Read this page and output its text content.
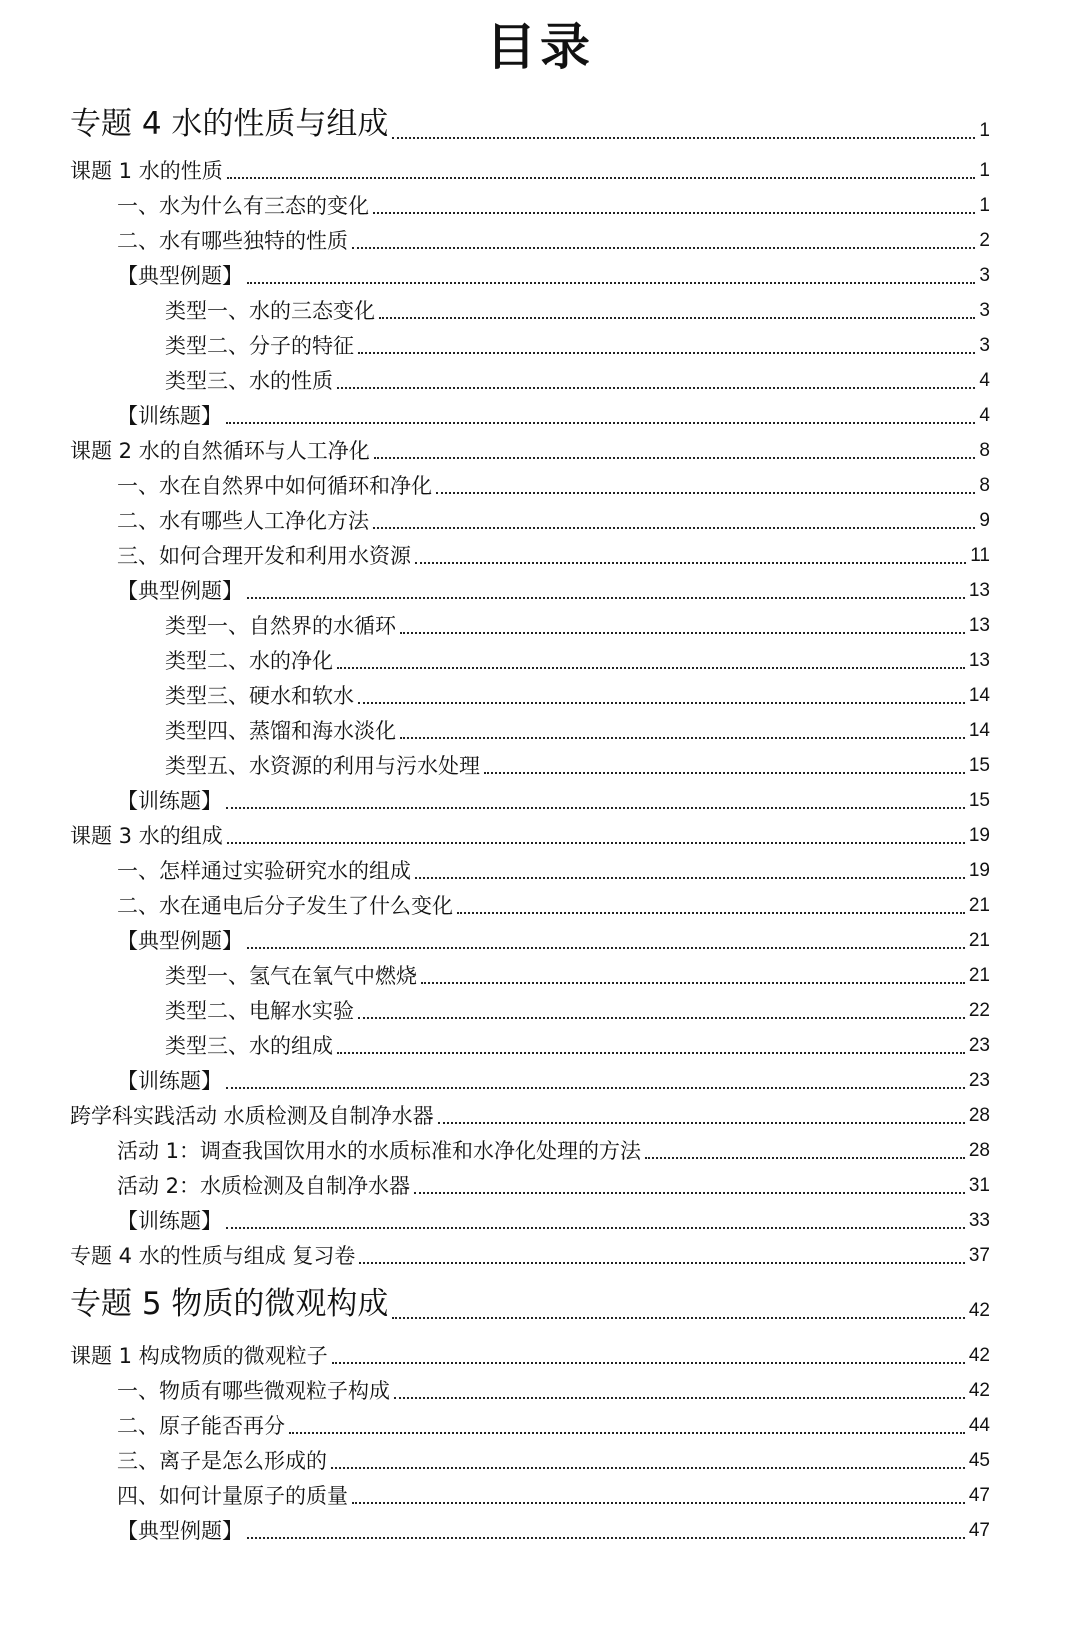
目录
专题 4 水的性质与组成	1
课题 1 水的性质	1
一、水为什么有三态的变化	1
二、水有哪些独特的性质	2
【典型例题】	3
类型一、水的三态变化	3
类型二、分子的特征	3
类型三、水的性质	4
【训练题】	4
课题 2 水的自然循环与人工净化	8
一、水在自然界中如何循环和净化	8
二、水有哪些人工净化方法	9
三、如何合理开发和利用水资源	11
【典型例题】	13
类型一、自然界的水循环	13
类型二、水的净化	13
类型三、硬水和软水	14
类型四、蒸馏和海水淡化	14
类型五、水资源的利用与污水处理	15
【训练题】	15
课题 3 水的组成	19
一、怎样通过实验研究水的组成	19
二、水在通电后分子发生了什么变化	21
【典型例题】	21
类型一、氢气在氧气中燃烧	21
类型二、电解水实验	22
类型三、水的组成	23
【训练题】	23
跨学科实践活动 水质检测及自制净水器	28
活动 1：调查我国饮用水的水质标准和水净化处理的方法	28
活动 2：水质检测及自制净水器	31
【训练题】	33
专题 4 水的性质与组成 复习卷	37
专题 5 物质的微观构成	42
课题 1 构成物质的微观粒子	42
一、物质有哪些微观粒子构成	42
二、原子能否再分	44
三、离子是怎么形成的	45
四、如何计量原子的质量	47
【典型例题】	47
